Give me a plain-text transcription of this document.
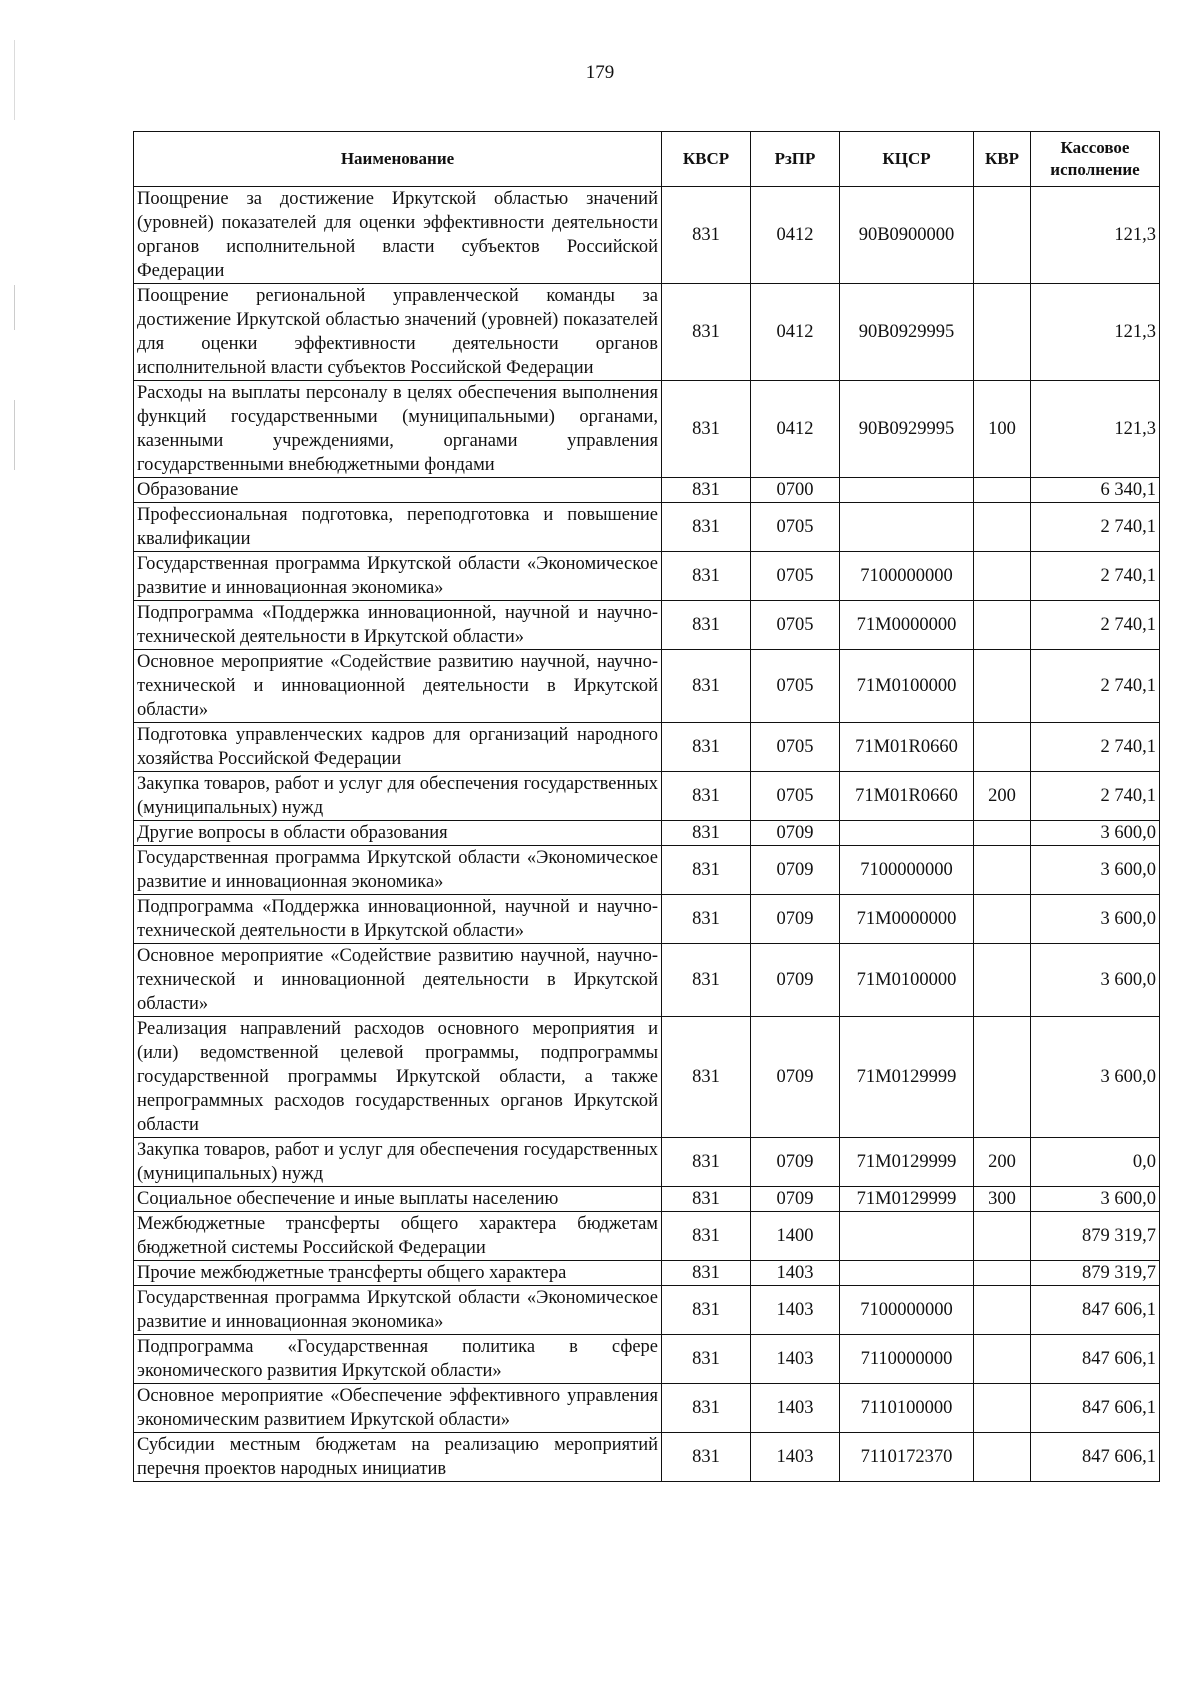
179
Наименование	КВСР	РзПР	КЦСР	КВР	Кассовое исполнение
Поощрение за достижение Иркутской областью значений (уровней) показателей для оценки эффективности деятельности органов исполнительной власти субъектов Российской Федерации	831	0412	90В0900000		121,3
Поощрение региональной управленческой команды за достижение Иркутской областью значений (уровней) показателей для оценки эффективности деятельности органов исполнительной власти субъектов Российской Федерации	831	0412	90В0929995		121,3
Расходы на выплаты персоналу в целях обеспечения выполнения функций государственными (муниципальными) органами, казенными учреждениями, органами управления государственными внебюджетными фондами	831	0412	90В0929995	100	121,3
Образование	831	0700			6 340,1
Профессиональная подготовка, переподготовка и повышение квалификации	831	0705			2 740,1
Государственная программа Иркутской области «Экономическое развитие и инновационная экономика»	831	0705	7100000000		2 740,1
Подпрограмма «Поддержка инновационной, научной и научно-технической деятельности в Иркутской области»	831	0705	71М0000000		2 740,1
Основное мероприятие «Содействие развитию научной, научно-технической и инновационной деятельности в Иркутской области»	831	0705	71М0100000		2 740,1
Подготовка управленческих кадров для организаций народного хозяйства Российской Федерации	831	0705	71М01R0660		2 740,1
Закупка товаров, работ и услуг для обеспечения государственных (муниципальных) нужд	831	0705	71М01R0660	200	2 740,1
Другие вопросы в области образования	831	0709			3 600,0
Государственная программа Иркутской области «Экономическое развитие и инновационная экономика»	831	0709	7100000000		3 600,0
Подпрограмма «Поддержка инновационной, научной и научно-технической деятельности в Иркутской области»	831	0709	71М0000000		3 600,0
Основное мероприятие «Содействие развитию научной, научно-технической и инновационной деятельности в Иркутской области»	831	0709	71М0100000		3 600,0
Реализация направлений расходов основного мероприятия и (или) ведомственной целевой программы, подпрограммы государственной программы Иркутской области, а также непрограммных расходов государственных органов Иркутской области	831	0709	71М0129999		3 600,0
Закупка товаров, работ и услуг для обеспечения государственных (муниципальных) нужд	831	0709	71М0129999	200	0,0
Социальное обеспечение и иные выплаты населению	831	0709	71М0129999	300	3 600,0
Межбюджетные трансферты общего характера бюджетам бюджетной системы Российской Федерации	831	1400			879 319,7
Прочие межбюджетные трансферты общего характера	831	1403			879 319,7
Государственная программа Иркутской области «Экономическое развитие и инновационная экономика»	831	1403	7100000000		847 606,1
Подпрограмма «Государственная политика в сфере экономического развития Иркутской области»	831	1403	7110000000		847 606,1
Основное мероприятие «Обеспечение эффективного управления экономическим развитием Иркутской области»	831	1403	7110100000		847 606,1
Субсидии местным бюджетам на реализацию мероприятий перечня проектов народных инициатив	831	1403	7110172370		847 606,1
